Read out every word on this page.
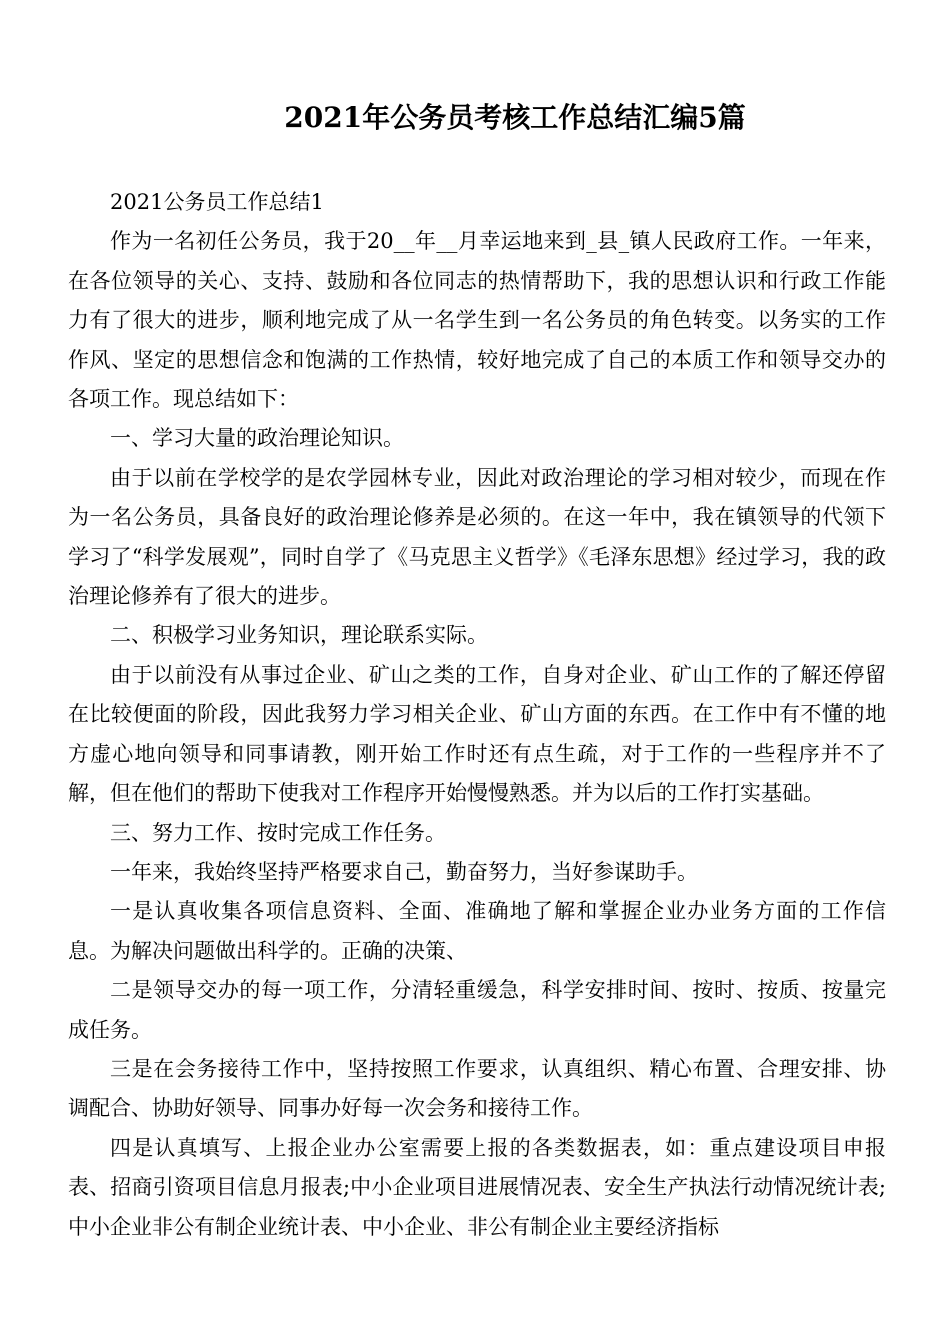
2021年公务员考核工作总结汇编5篇

2021公务员工作总结1

作为一名初任公务员，我于20__年__月幸运地来到_县_镇人民政府工作。一年来，在各位领导的关心、支持、鼓励和各位同志的热情帮助下，我的思想认识和行政工作能力有了很大的进步，顺利地完成了从一名学生到一名公务员的角色转变。以务实的工作作风、坚定的思想信念和饱满的工作热情，较好地完成了自己的本质工作和领导交办的各项工作。现总结如下：

一、学习大量的政治理论知识。

由于以前在学校学的是农学园林专业，因此对政治理论的学习相对较少，而现在作为一名公务员，具备良好的政治理论修养是必须的。在这一年中，我在镇领导的代领下学习了“科学发展观”，同时自学了《马克思主义哲学》《毛泽东思想》经过学习，我的政治理论修养有了很大的进步。

二、积极学习业务知识，理论联系实际。

由于以前没有从事过企业、矿山之类的工作，自身对企业、矿山工作的了解还停留在比较便面的阶段，因此我努力学习相关企业、矿山方面的东西。在工作中有不懂的地方虚心地向领导和同事请教，刚开始工作时还有点生疏，对于工作的一些程序并不了解，但在他们的帮助下使我对工作程序开始慢慢熟悉。并为以后的工作打实基础。

三、努力工作、按时完成工作任务。

一年来，我始终坚持严格要求自己，勤奋努力，当好参谋助手。

一是认真收集各项信息资料、全面、准确地了解和掌握企业办业务方面的工作信息。为解决问题做出科学的。正确的决策、

二是领导交办的每一项工作，分清轻重缓急，科学安排时间、按时、按质、按量完成任务。

三是在会务接待工作中，坚持按照工作要求，认真组织、精心布置、合理安排、协调配合、协助好领导、同事办好每一次会务和接待工作。

四是认真填写、上报企业办公室需要上报的各类数据表，如：重点建设项目申报表、招商引资项目信息月报表;中小企业项目进展情况表、安全生产执法行动情况统计表;中小企业非公有制企业统计表、中小企业、非公有制企业主要经济指标
